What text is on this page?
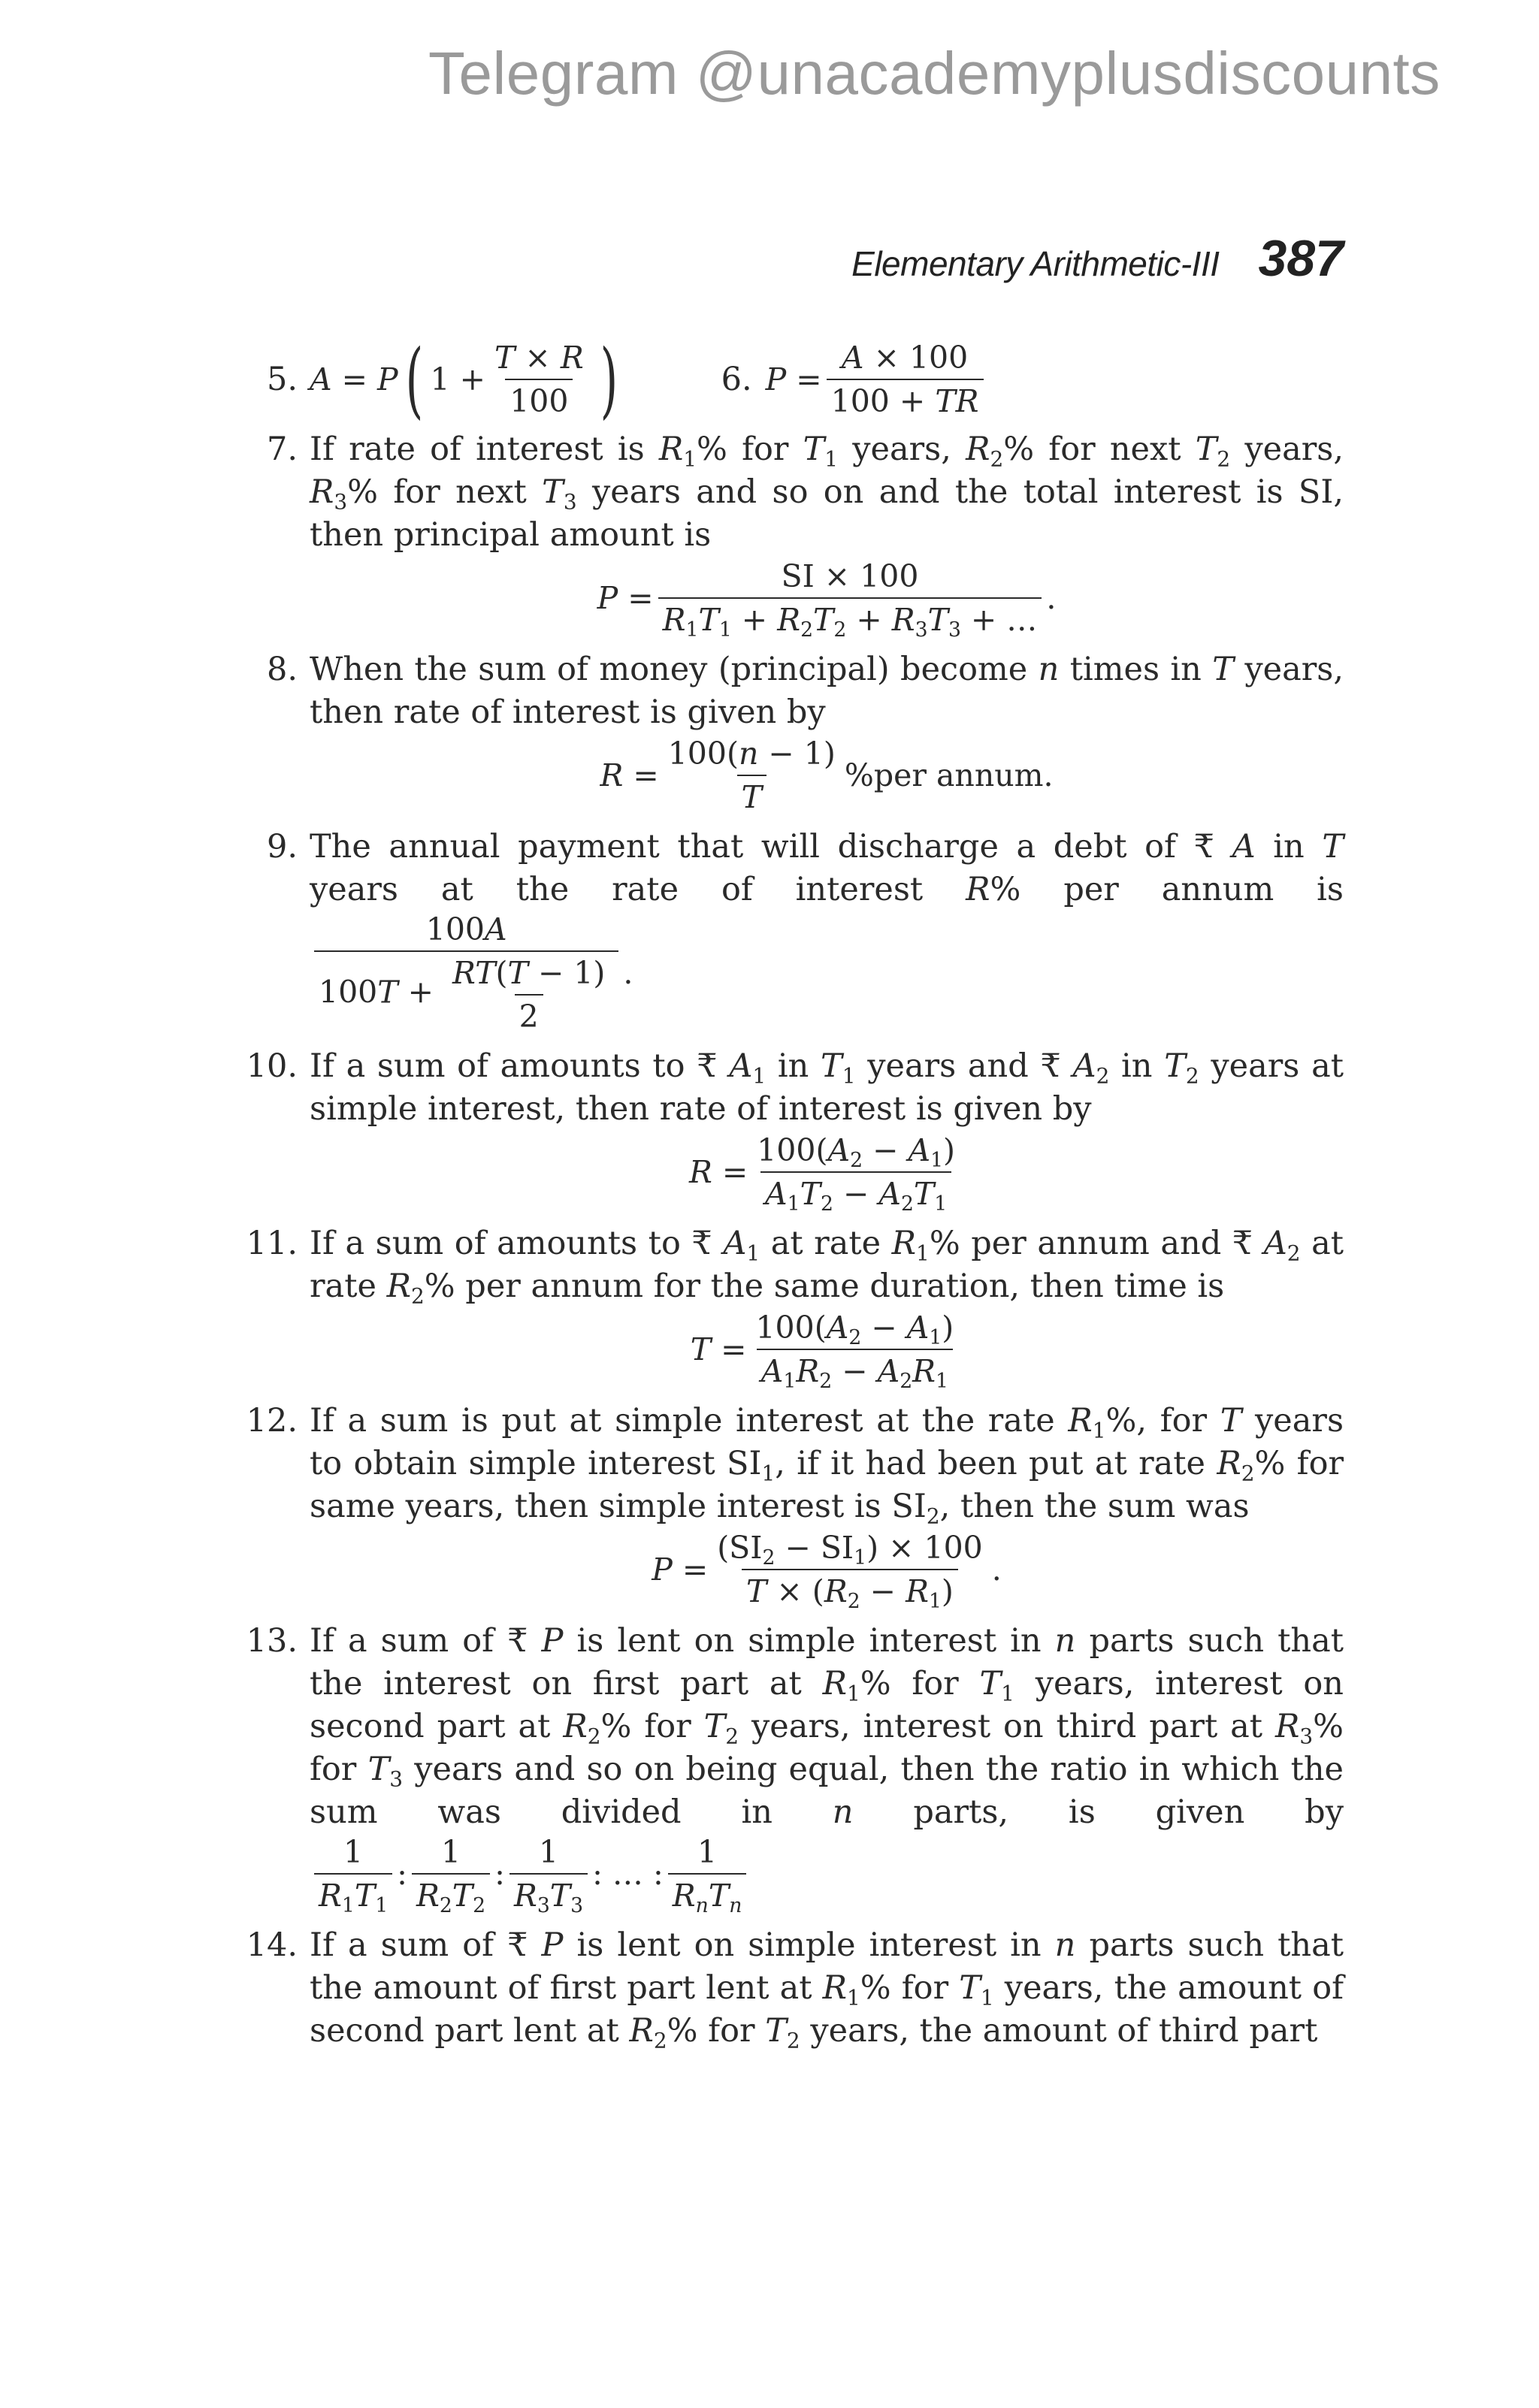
Telegram @unacademyplusdiscounts
Elementary Arithmetic-III 387
5. A = P ( $1 + \frac{T \times R}{100}$ )	6. $P = \frac{A \times 100}{100 + TR}$
7. If rate of interest is $R_1\%$ for $T_1$ years, $R_2\%$ for next $T_2$ years, $R_3\%$ for next $T_3$ years and so on and the total interest is SI, then principal amount is
$P = \frac{SI \times 100}{R_1T_1 + R_2T_2 + R_3T_3 + \dots}$ .
8. When the sum of money (principal) become n times in T years, then rate of interest is given by
$R = \frac{100(n - 1)}{T} \%per$ annum.
9. The annual payment that will discharge a debt of ₹ A in T years at the rate of interest R% per annum is
$\frac{100A}{100T + \frac{RT(T - 1)}{2}}$ .
10. If a sum of amounts to ₹ $A_1$ in $T_1$ years and ₹ $A_2$ in $T_2$ years at simple interest, then rate of interest is given by
$R = \frac{100(A_2 - A_1)}{A_1T_2 - A_2T_1}$
11. If a sum of amounts to ₹ $A_1$ at rate $R_1\%$ per annum and ₹ $A_2$ at rate $R_2\%$ per annum for the same duration, then time is
$T = \frac{100(A_2 - A_1)}{A_1R_2 - A_2R_1}$
12. If a sum is put at simple interest at the rate $R_1\%$, for T years to obtain simple interest $SI_1$, if it had been put at rate $R_2\%$ for same years, then simple interest is $SI_2$, then the sum was
$P = \frac{(SI_2 - SI_1) \times 100}{T \times (R_2 - R_1)}$ .
13. If a sum of ₹ P is lent on simple interest in n parts such that the interest on first part at $R_1\%$ for $T_1$ years, interest on second part at $R_2\%$ for $T_2$ years, interest on third part at $R_3\%$ for $T_3$ years and so on being equal, then the ratio in which the sum was divided in n parts, is given by
$\frac{1}{R_1T_1}$ : $\frac{1}{R_2T_2}$ : $\frac{1}{R_3T_3}$ : … : $\frac{1}{R_nT_n}$
14. If a sum of ₹ P is lent on simple interest in n parts such that the amount of first part lent at $R_1\%$ for $T_1$ years, the amount of second part lent at $R_2\%$ for $T_2$ years, the amount of third part
